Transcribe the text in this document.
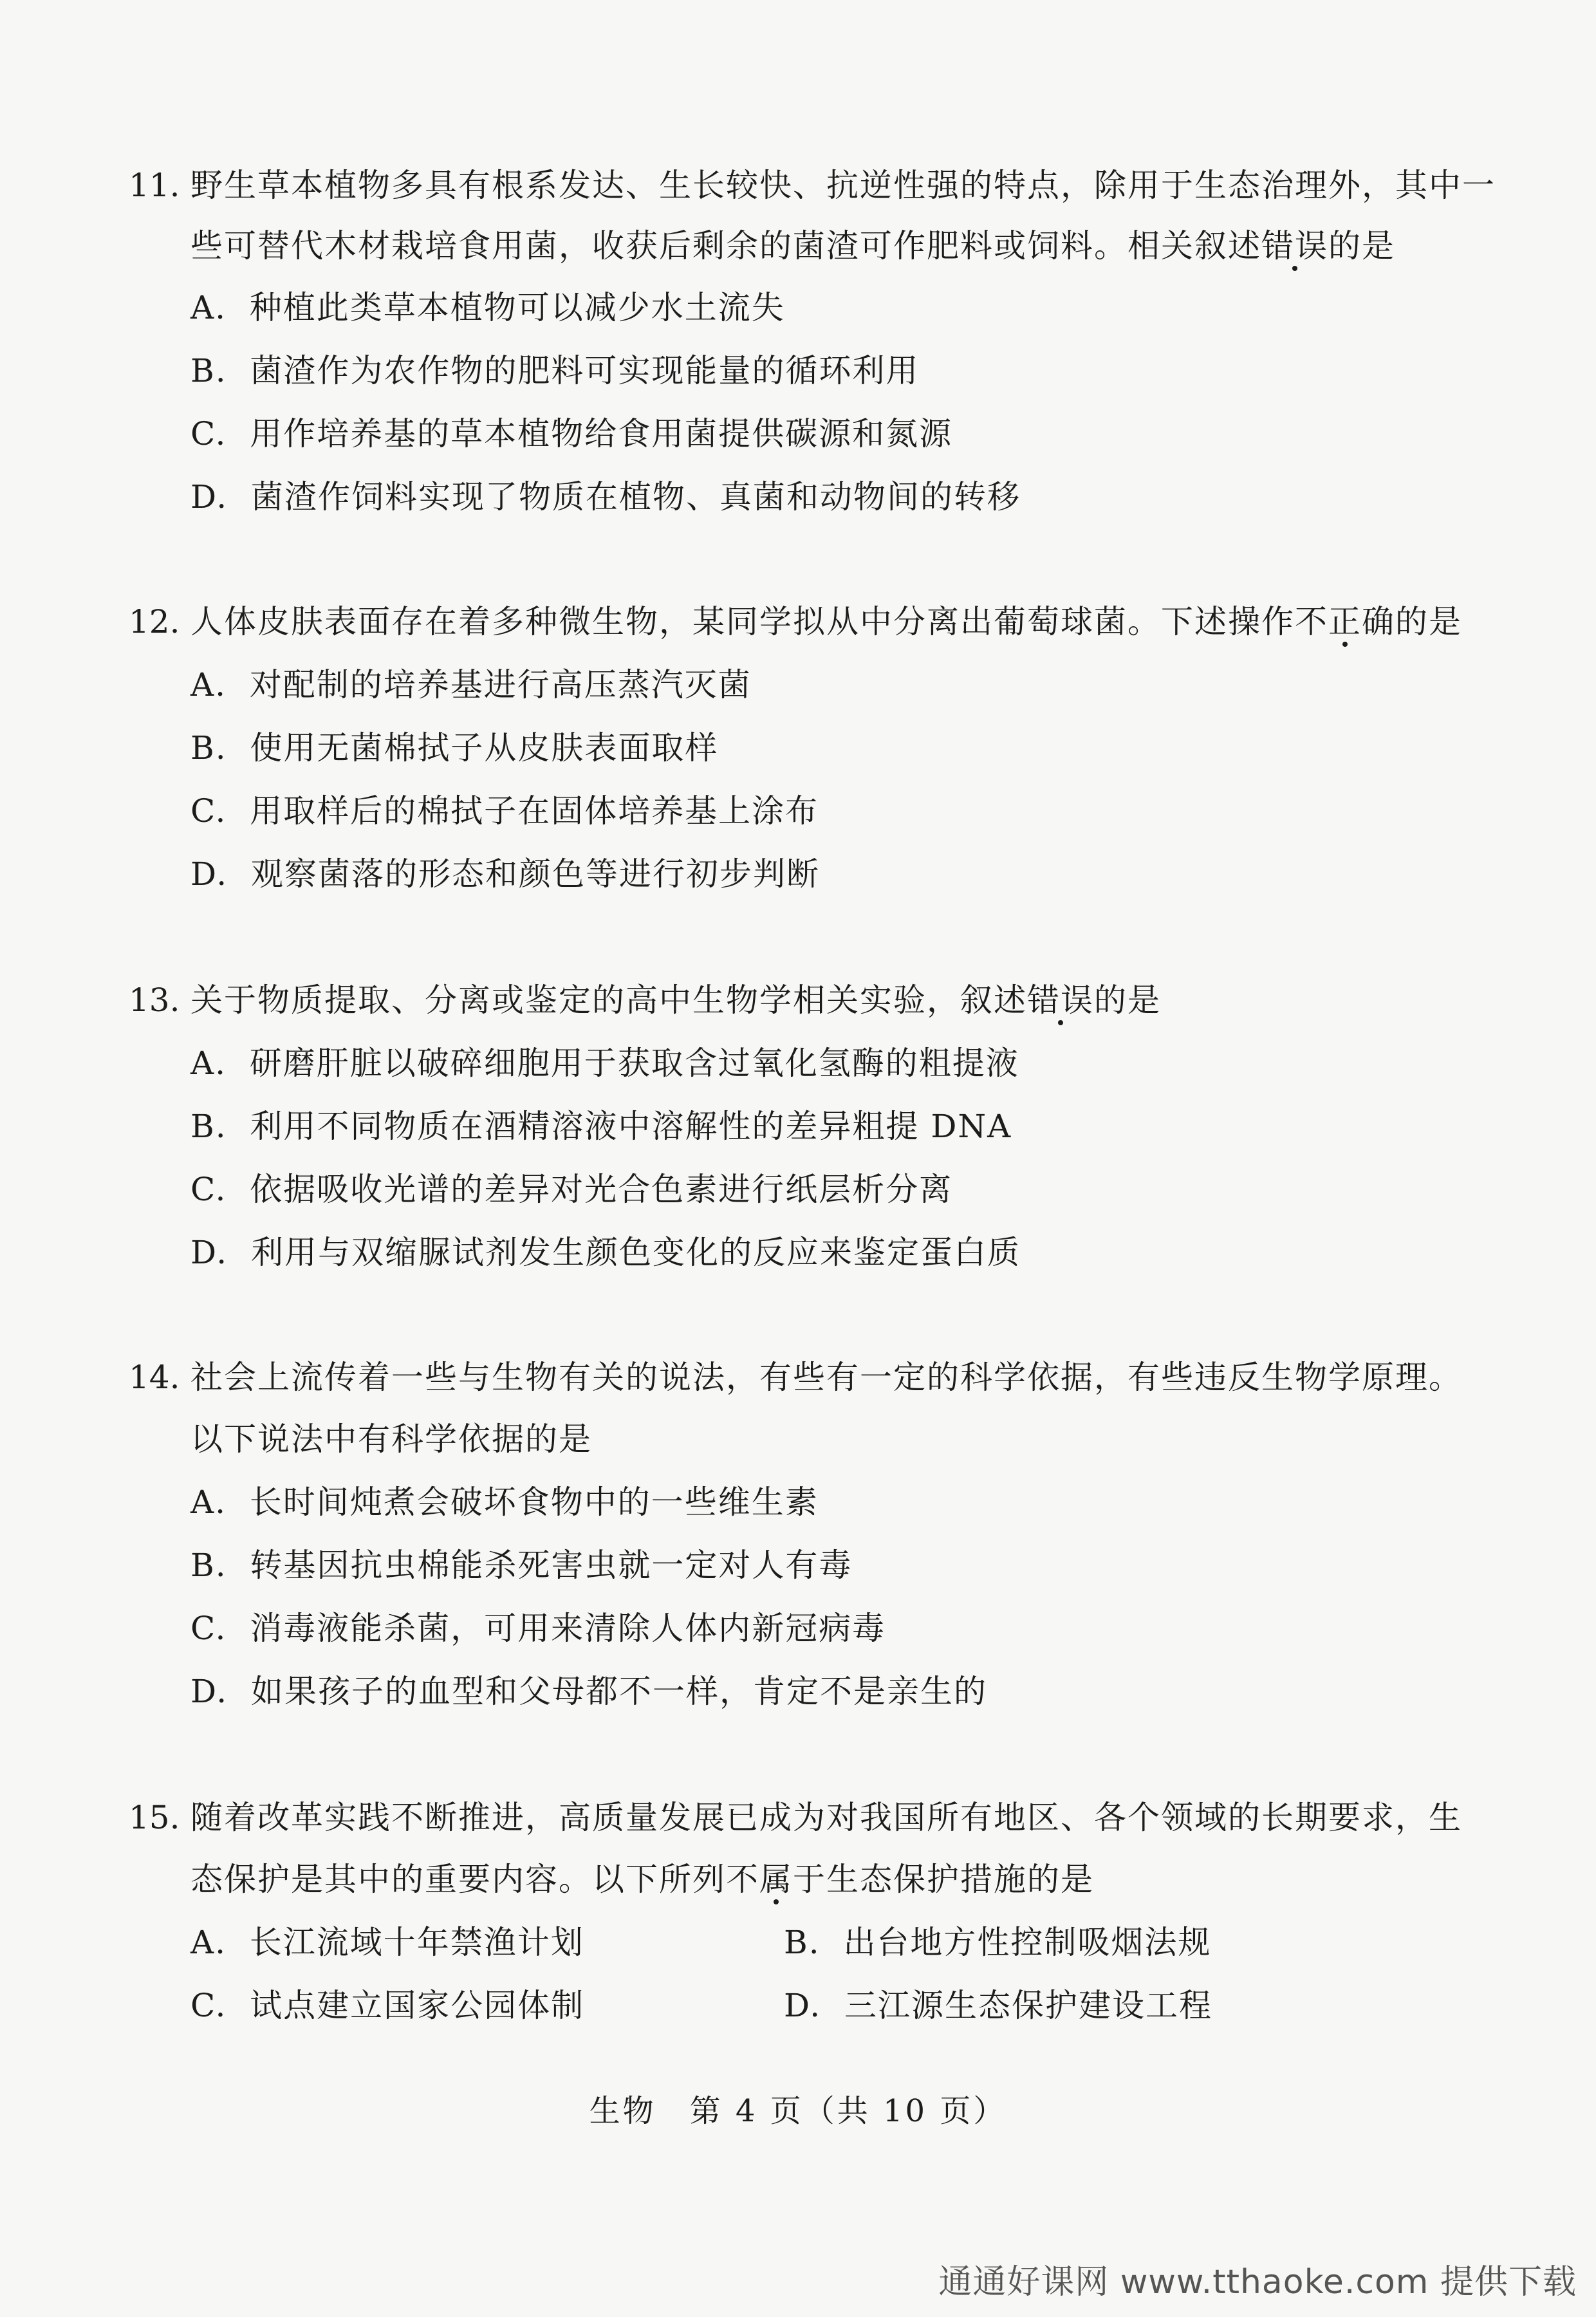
11. 野生草本植物多具有根系发达、生长较快、抗逆性强的特点，除用于生态治理外，其中一
些可替代木材栽培食用菌，收获后剩余的菌渣可作肥料或饲料。相关叙述错误的是
A. 种植此类草本植物可以减少水土流失
B. 菌渣作为农作物的肥料可实现能量的循环利用
C. 用作培养基的草本植物给食用菌提供碳源和氮源
D. 菌渣作饲料实现了物质在植物、真菌和动物间的转移
12. 人体皮肤表面存在着多种微生物，某同学拟从中分离出葡萄球菌。下述操作不正确的是
A. 对配制的培养基进行高压蒸汽灭菌
B. 使用无菌棉拭子从皮肤表面取样
C. 用取样后的棉拭子在固体培养基上涂布
D. 观察菌落的形态和颜色等进行初步判断
13. 关于物质提取、分离或鉴定的高中生物学相关实验，叙述错误的是
A. 研磨肝脏以破碎细胞用于获取含过氧化氢酶的粗提液
B. 利用不同物质在酒精溶液中溶解性的差异粗提 DNA
C. 依据吸收光谱的差异对光合色素进行纸层析分离
D. 利用与双缩脲试剂发生颜色变化的反应来鉴定蛋白质
14. 社会上流传着一些与生物有关的说法，有些有一定的科学依据，有些违反生物学原理。
以下说法中有科学依据的是
A. 长时间炖煮会破坏食物中的一些维生素
B. 转基因抗虫棉能杀死害虫就一定对人有毒
C. 消毒液能杀菌，可用来清除人体内新冠病毒
D. 如果孩子的血型和父母都不一样，肯定不是亲生的
15. 随着改革实践不断推进，高质量发展已成为对我国所有地区、各个领域的长期要求，生
态保护是其中的重要内容。以下所列不属于生态保护措施的是
A. 长江流域十年禁渔计划	B. 出台地方性控制吸烟法规
C. 试点建立国家公园体制	D. 三江源生态保护建设工程
生物　第 4 页（共 10 页）
通通好课网 www.tthaoke.com 提供下载
